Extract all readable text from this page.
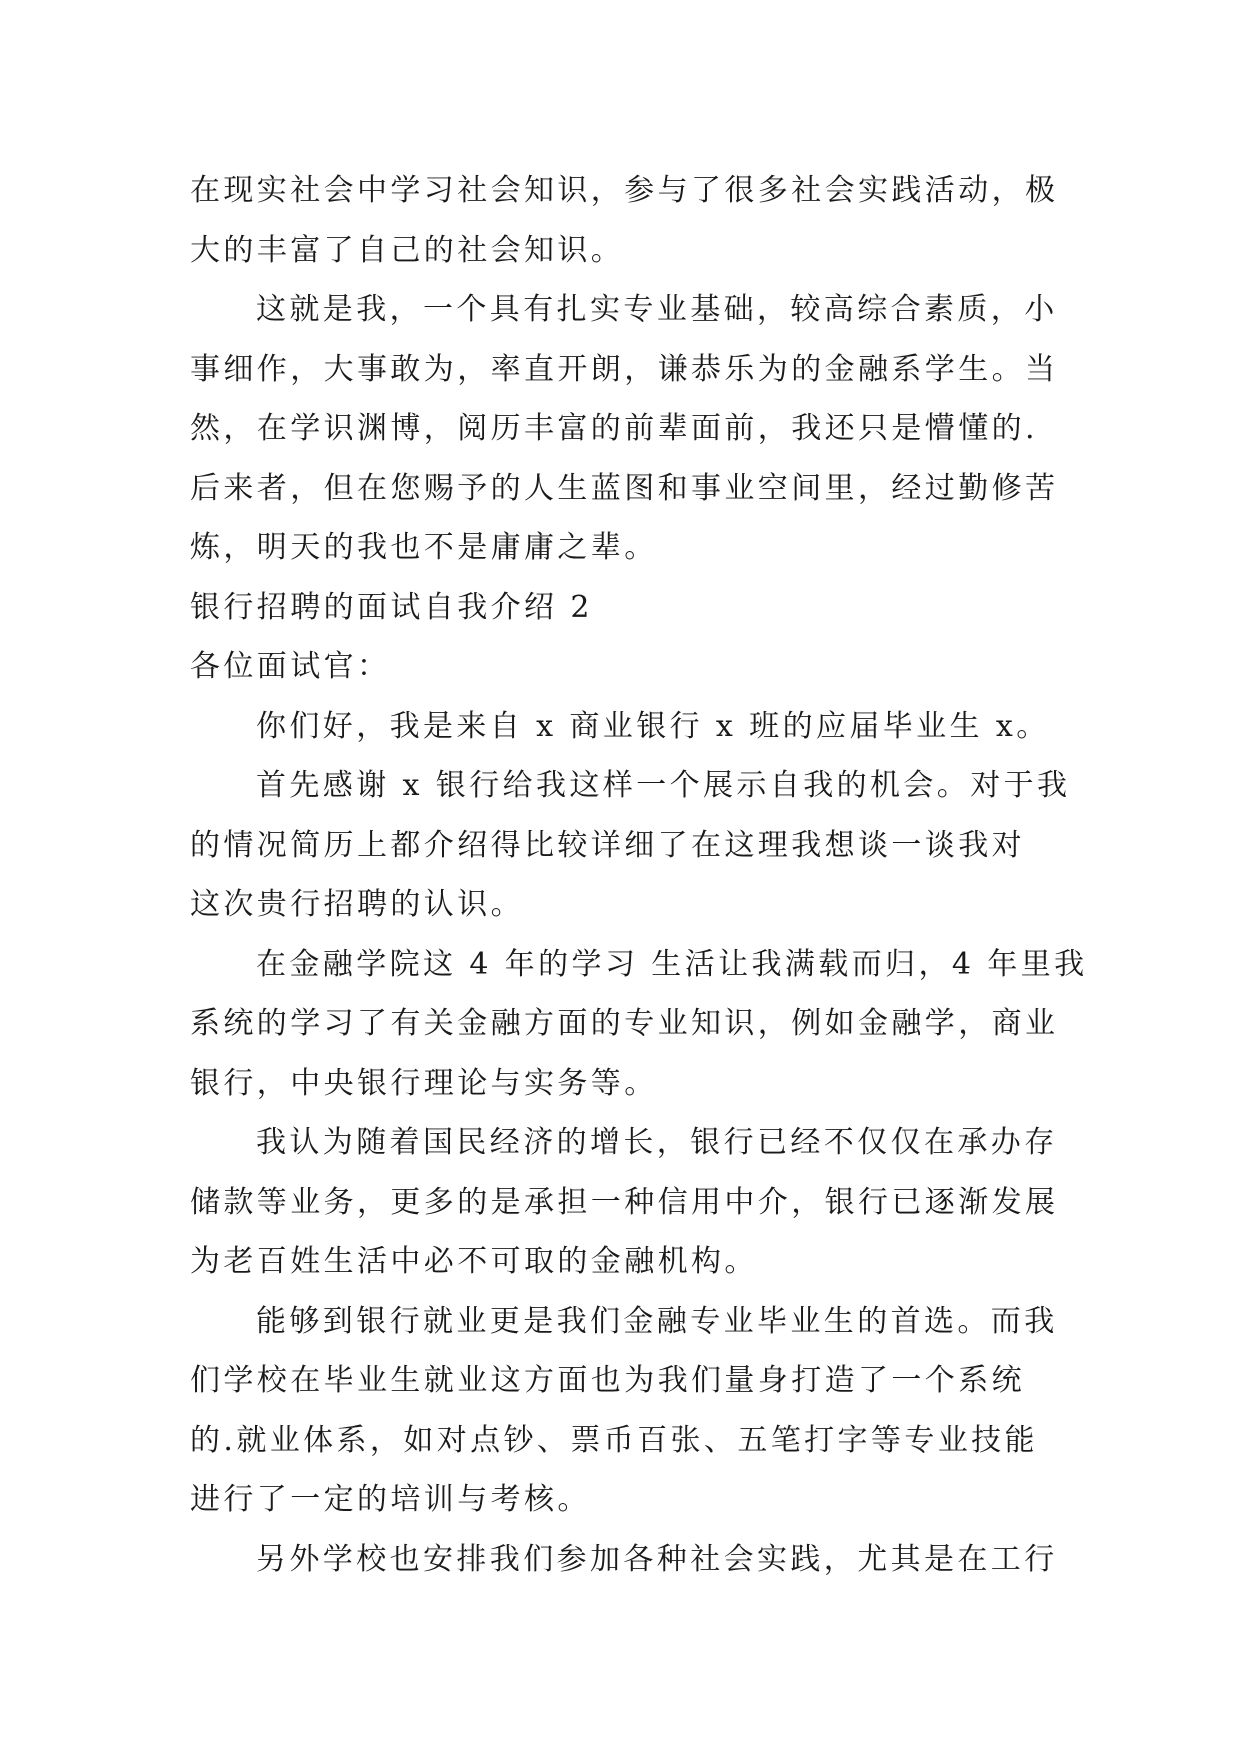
在现实社会中学习社会知识，参与了很多社会实践活动，极
大的丰富了自己的社会知识。
这就是我，一个具有扎实专业基础，较高综合素质，小
事细作，大事敢为，率直开朗，谦恭乐为的金融系学生。当
然，在学识渊博，阅历丰富的前辈面前，我还只是懵懂的.
后来者，但在您赐予的人生蓝图和事业空间里，经过勤修苦
炼，明天的我也不是庸庸之辈。
银行招聘的面试自我介绍 2
各位面试官：
你们好，我是来自 x 商业银行 x 班的应届毕业生 x。
首先感谢 x 银行给我这样一个展示自我的机会。对于我
的情况简历上都介绍得比较详细了在这理我想谈一谈我对
这次贵行招聘的认识。
在金融学院这 4 年的学习 生活让我满载而归，4 年里我
系统的学习了有关金融方面的专业知识，例如金融学，商业
银行，中央银行理论与实务等。
我认为随着国民经济的增长，银行已经不仅仅在承办存
储款等业务，更多的是承担一种信用中介，银行已逐渐发展
为老百姓生活中必不可取的金融机构。
能够到银行就业更是我们金融专业毕业生的首选。而我
们学校在毕业生就业这方面也为我们量身打造了一个系统
的.就业体系，如对点钞、票币百张、五笔打字等专业技能
进行了一定的培训与考核。
另外学校也安排我们参加各种社会实践，尤其是在工行
